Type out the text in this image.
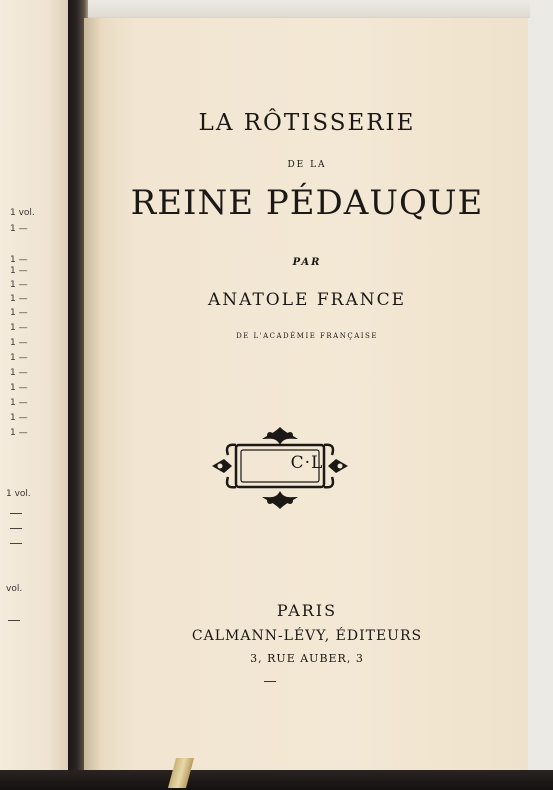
1 vol.
1 —
1 —
1 —
1 —
1 —
1 —
1 —
1 —
1 —
1 —
1 —
1 —
1 —
1 —
1 vol.
vol.
LA RÔTISSERIE
DE LA
REINE PÉDAUQUE
PAR
ANATOLE FRANCE
DE L'ACADÉMIE FRANÇAISE
C·L
PARIS
CALMANN-LÉVY, ÉDITEURS
3, RUE AUBER, 3
